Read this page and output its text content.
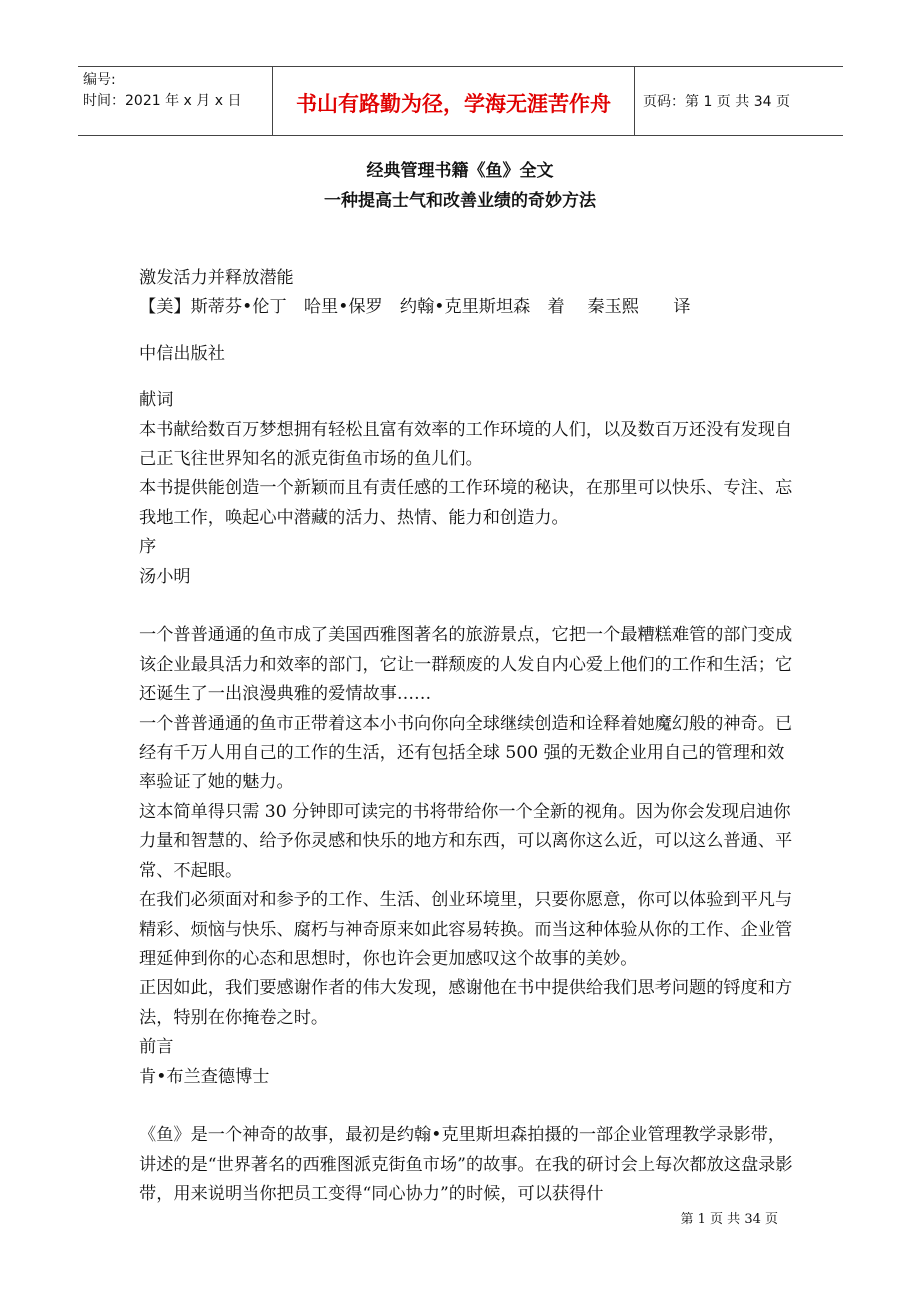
编号:
时间：2021 年 x 月 x 日	书山有路勤为径，学海无涯苦作舟 页码：第 1 页 共 34 页
经典管理书籍《鱼》全文
一种提高士气和改善业绩的奇妙方法

激发活力并释放潜能

【美】斯蒂芬•伦丁　哈里•保罗　约翰•克里斯坦森　着　 秦玉熙　　译

中信出版社

献词

本书献给数百万梦想拥有轻松且富有效率的工作环境的人们，以及数百万还没有发现自己正飞往世界知名的派克街鱼市场的鱼儿们。

本书提供能创造一个新颖而且有责任感的工作环境的秘诀，在那里可以快乐、专注、忘我地工作，唤起心中潜藏的活力、热情、能力和创造力。

序

汤小明

一个普普通通的鱼市成了美国西雅图著名的旅游景点，它把一个最糟糕难管的部门变成该企业最具活力和效率的部门，它让一群颓废的人发自内心爱上他们的工作和生活；它还诞生了一出浪漫典雅的爱情故事……

一个普普通通的鱼市正带着这本小书向你向全球继续创造和诠释着她魔幻般的神奇。已经有千万人用自己的工作的生活，还有包括全球 500 强的无数企业用自己的管理和效率验证了她的魅力。

这本简单得只需 30 分钟即可读完的书将带给你一个全新的视角。因为你会发现启迪你力量和智慧的、给予你灵感和快乐的地方和东西，可以离你这么近，可以这么普通、平常、不起眼。

在我们必须面对和参予的工作、生活、创业环境里，只要你愿意，你可以体验到平凡与精彩、烦恼与快乐、腐朽与神奇原来如此容易转换。而当这种体验从你的工作、企业管理延伸到你的心态和思想时，你也许会更加感叹这个故事的美妙。

正因如此，我们要感谢作者的伟大发现，感谢他在书中提供给我们思考问题的锊度和方法，特别在你掩卷之时。

前言

肯•布兰查德博士

《鱼》是一个神奇的故事，最初是约翰•克里斯坦森拍摄的一部企业管理教学录影带，讲述的是“世界著名的西雅图派克街鱼市场”的故事。在我的研讨会上每次都放这盘录影带，用来说明当你把员工变得“同心协力”的时候，可以获得什

第 1 页 共 34 页
